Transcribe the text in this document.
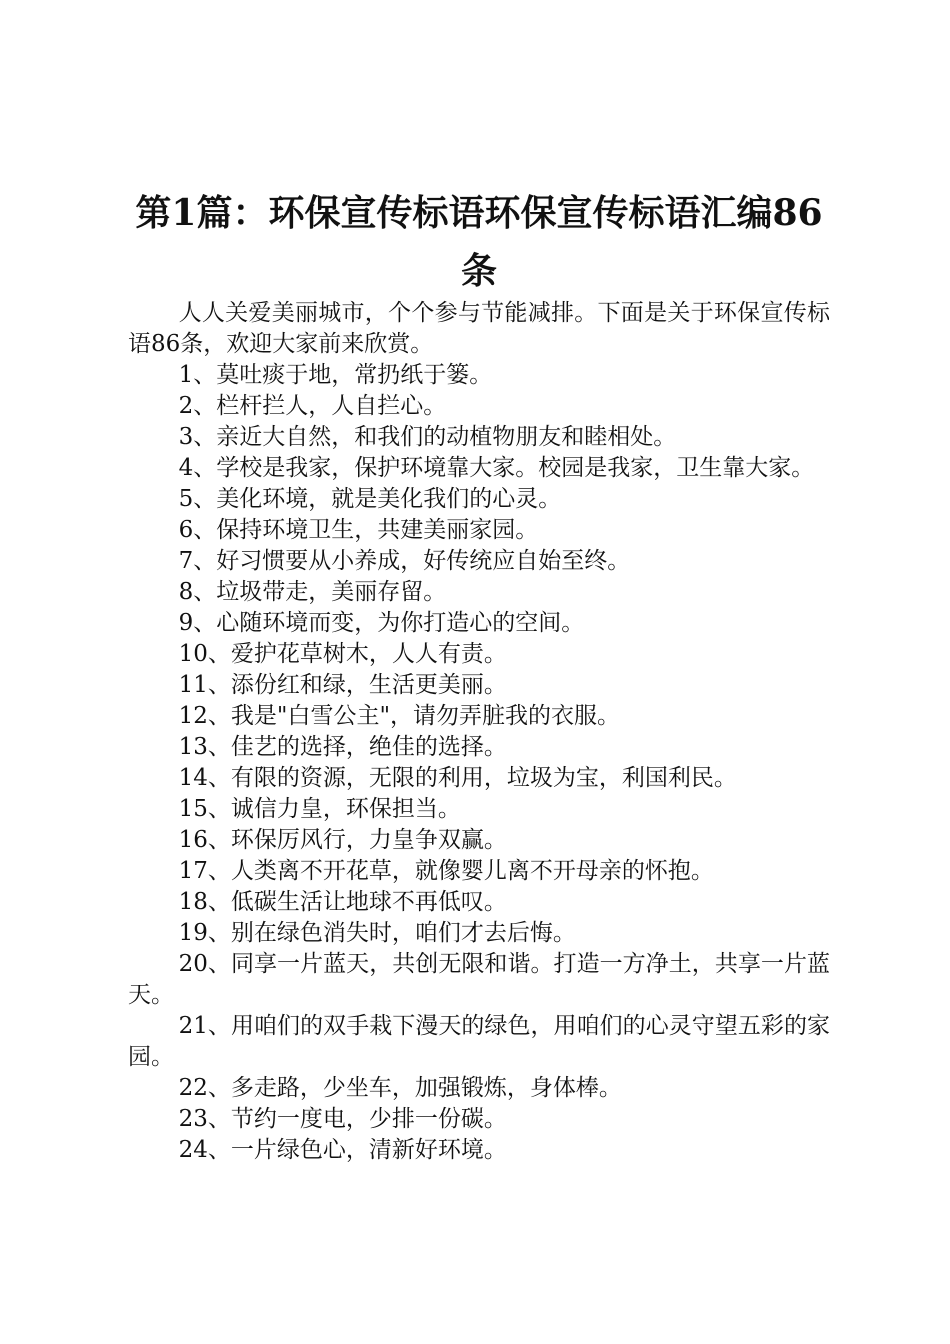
第1篇：环保宣传标语环保宣传标语汇编86条

人人关爱美丽城市，个个参与节能减排。下面是关于环保宣传标语86条，欢迎大家前来欣赏。

1、莫吐痰于地，常扔纸于篓。

2、栏杆拦人，人自拦心。

3、亲近大自然，和我们的动植物朋友和睦相处。

4、学校是我家，保护环境靠大家。校园是我家，卫生靠大家。

5、美化环境，就是美化我们的心灵。

6、保持环境卫生，共建美丽家园。

7、好习惯要从小养成，好传统应自始至终。

8、垃圾带走，美丽存留。

9、心随环境而变，为你打造心的空间。

10、爱护花草树木，人人有责。

11、添份红和绿，生活更美丽。

12、我是"白雪公主"，请勿弄脏我的衣服。

13、佳艺的选择，绝佳的选择。

14、有限的资源，无限的利用，垃圾为宝，利国利民。

15、诚信力皇，环保担当。

16、环保厉风行，力皇争双赢。

17、人类离不开花草，就像婴儿离不开母亲的怀抱。

18、低碳生活让地球不再低叹。

19、别在绿色消失时，咱们才去后悔。

20、同享一片蓝天，共创无限和谐。打造一方净土，共享一片蓝天。

21、用咱们的双手栽下漫天的绿色，用咱们的心灵守望五彩的家园。

22、多走路，少坐车，加强锻炼，身体棒。

23、节约一度电，少排一份碳。

24、一片绿色心，清新好环境。
